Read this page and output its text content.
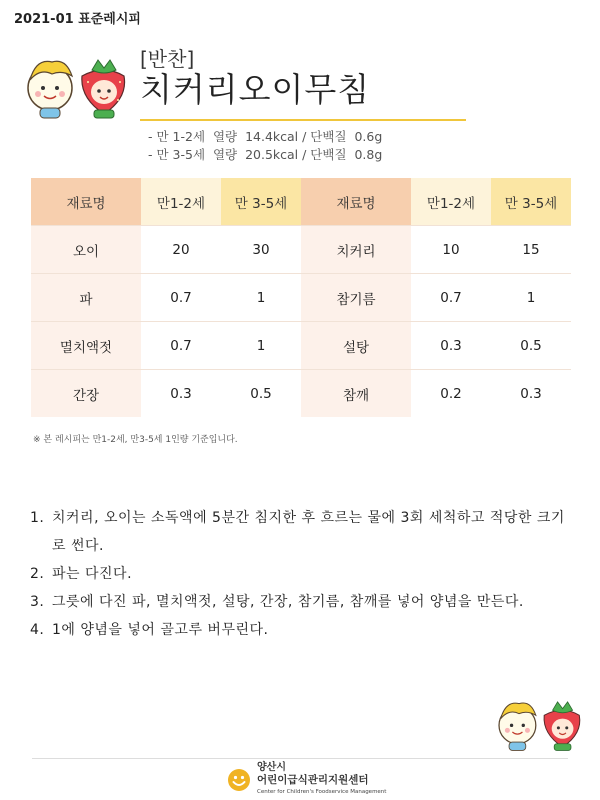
2021-01 표준레시피
[반찬]
치커리오이무침
- 만 1-2세  열량  14.4kcal / 단백질  0.6g
- 만 3-5세  열량  20.5kcal / 단백질  0.8g
재료명	만1-2세	만 3-5세	재료명	만1-2세	만 3-5세
오이	20	30	치커리	10	15
파	0.7	1	참기름	0.7	1
멸치액젓	0.7	1	설탕	0.3	0.5
간장	0.3	0.5	참깨	0.2	0.3
※ 본 레시피는 만1-2세, 만3-5세 1인량 기준입니다.
1. 치커리, 오이는 소독액에 5분간 침지한 후 흐르는 물에 3회 세척하고 적당한 크기로 썬다.
2. 파는 다진다.
3. 그릇에 다진 파, 멸치액젓, 설탕, 간장, 참기름, 참깨를 넣어 양념을 만든다.
4. 1에 양념을 넣어 골고루 버무린다.
양산시
어린이급식관리지원센터
Center for Children's Foodservice Management
